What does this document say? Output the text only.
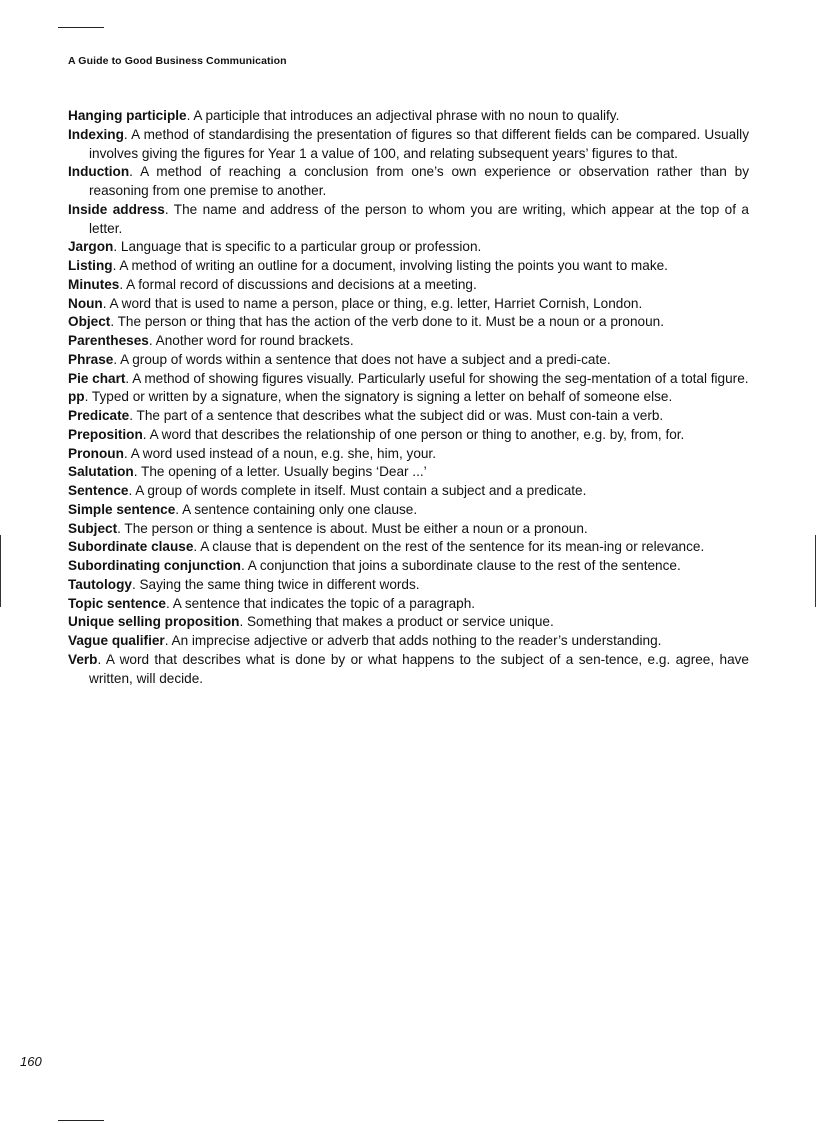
A Guide to Good Business Communication
Hanging participle. A participle that introduces an adjectival phrase with no noun to qualify.
Indexing. A method of standardising the presentation of figures so that different fields can be compared. Usually involves giving the figures for Year 1 a value of 100, and relating subsequent years’ figures to that.
Induction. A method of reaching a conclusion from one’s own experience or observation rather than by reasoning from one premise to another.
Inside address. The name and address of the person to whom you are writing, which appear at the top of a letter.
Jargon. Language that is specific to a particular group or profession.
Listing. A method of writing an outline for a document, involving listing the points you want to make.
Minutes. A formal record of discussions and decisions at a meeting.
Noun. A word that is used to name a person, place or thing, e.g. letter, Harriet Cornish, London.
Object. The person or thing that has the action of the verb done to it. Must be a noun or a pronoun.
Parentheses. Another word for round brackets.
Phrase. A group of words within a sentence that does not have a subject and a predi-cate.
Pie chart. A method of showing figures visually. Particularly useful for showing the seg-mentation of a total figure.
pp. Typed or written by a signature, when the signatory is signing a letter on behalf of someone else.
Predicate. The part of a sentence that describes what the subject did or was. Must con-tain a verb.
Preposition. A word that describes the relationship of one person or thing to another, e.g. by, from, for.
Pronoun. A word used instead of a noun, e.g. she, him, your.
Salutation. The opening of a letter. Usually begins ‘Dear ...’
Sentence. A group of words complete in itself. Must contain a subject and a predicate.
Simple sentence. A sentence containing only one clause.
Subject. The person or thing a sentence is about. Must be either a noun or a pronoun.
Subordinate clause. A clause that is dependent on the rest of the sentence for its mean-ing or relevance.
Subordinating conjunction. A conjunction that joins a subordinate clause to the rest of the sentence.
Tautology. Saying the same thing twice in different words.
Topic sentence. A sentence that indicates the topic of a paragraph.
Unique selling proposition. Something that makes a product or service unique.
Vague qualifier. An imprecise adjective or adverb that adds nothing to the reader’s understanding.
Verb. A word that describes what is done by or what happens to the subject of a sen-tence, e.g. agree, have written, will decide.
160
